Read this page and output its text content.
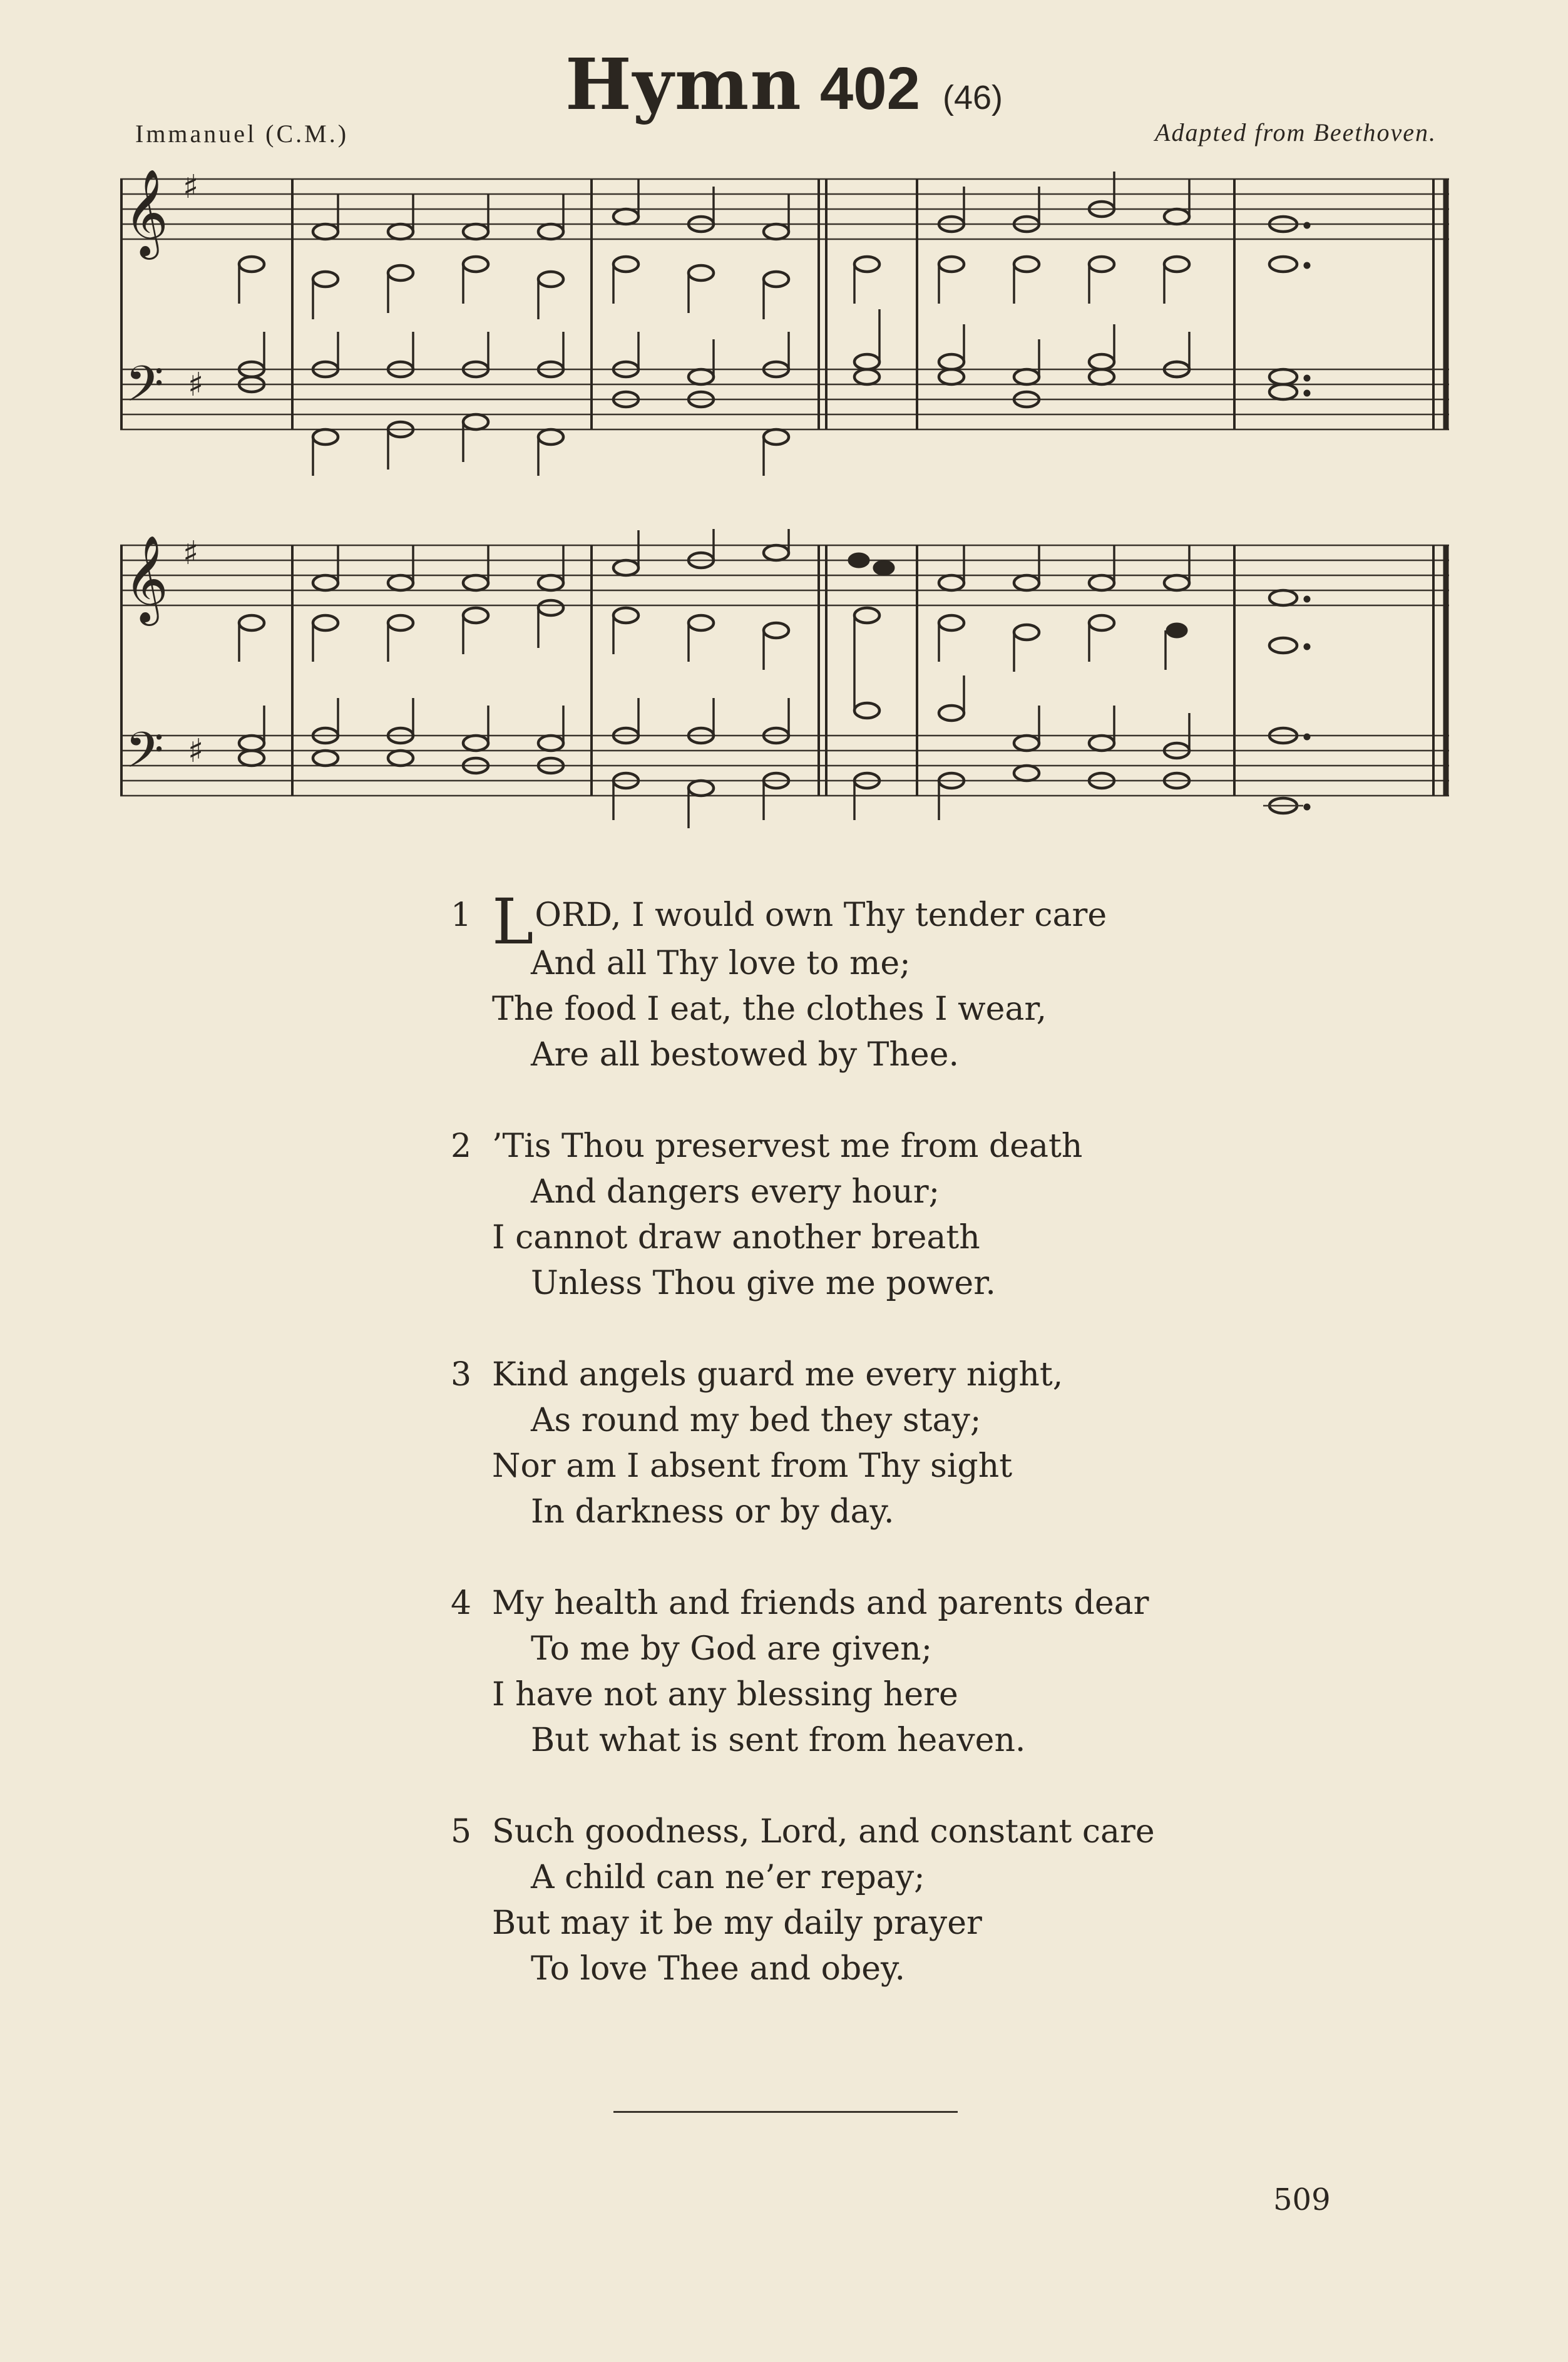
Hymn 402 (46)
Immanuel (C.M.)	Adapted from Beethoven.
𝄞 ♯
𝄢 ♯
𝄞 ♯
𝄢 ♯
1 LORD, I would own Thy tender care
And all Thy love to me;
The food I eat, the clothes I wear,
Are all bestowed by Thee.
2 ’Tis Thou preservest me from death
And dangers every hour;
I cannot draw another breath
Unless Thou give me power.
3 Kind angels guard me every night,
As round my bed they stay;
Nor am I absent from Thy sight
In darkness or by day.
4 My health and friends and parents dear
To me by God are given;
I have not any blessing here
But what is sent from heaven.
5 Such goodness, Lord, and constant care
A child can ne’er repay;
But may it be my daily prayer
To love Thee and obey.
509
